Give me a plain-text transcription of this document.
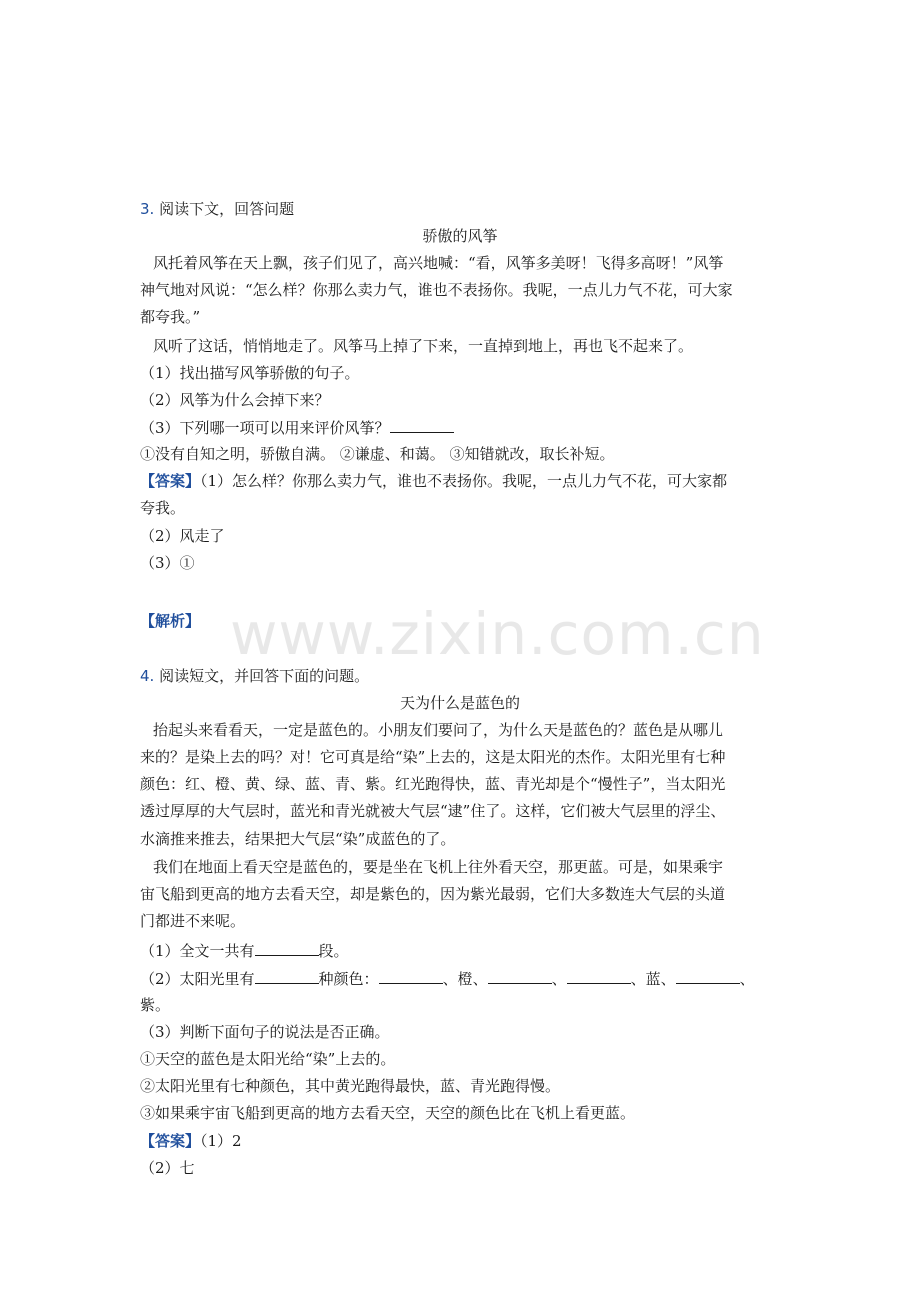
3. 阅读下文，回答问题
骄傲的风筝
风托着风筝在天上飘，孩子们见了，高兴地喊：“看，风筝多美呀！飞得多高呀！”风筝
神气地对风说：“怎么样？你那么卖力气，谁也不表扬你。我呢，一点儿力气不花，可大家
都夸我。”
风听了这话，悄悄地走了。风筝马上掉了下来，一直掉到地上，再也飞不起来了。
（1）找出描写风筝骄傲的句子。
（2）风筝为什么会掉下来？
（3）下列哪一项可以用来评价风筝？
①没有自知之明，骄傲自满。 ②谦虚、和蔼。 ③知错就改，取长补短。
【答案】（1）怎么样？你那么卖力气，谁也不表扬你。我呢，一点儿力气不花，可大家都
夸我。
（2）风走了
（3）①
【解析】 www.zixin.com.cn
4. 阅读短文，并回答下面的问题。
天为什么是蓝色的
抬起头来看看天，一定是蓝色的。小朋友们要问了，为什么天是蓝色的？蓝色是从哪儿
来的？是染上去的吗？对！它可真是给“染”上去的，这是太阳光的杰作。太阳光里有七种
颜色：红、橙、黄、绿、蓝、青、紫。红光跑得快，蓝、青光却是个“慢性子”，当太阳光
透过厚厚的大气层时，蓝光和青光就被大气层“逮”住了。这样，它们被大气层里的浮尘、
水滴推来推去，结果把大气层“染”成蓝色的了。
我们在地面上看天空是蓝色的，要是坐在飞机上往外看天空，那更蓝。可是，如果乘宇
宙飞船到更高的地方去看天空，却是紫色的，因为紫光最弱，它们大多数连大气层的头道
门都进不来呢。
（1）全文一共有	段。
（2）太阳光里有	种颜色：	、橙、	、	、蓝、	、
紫。
（3）判断下面句子的说法是否正确。
①天空的蓝色是太阳光给“染”上去的。
②太阳光里有七种颜色，其中黄光跑得最快，蓝、青光跑得慢。
③如果乘宇宙飞船到更高的地方去看天空，天空的颜色比在飞机上看更蓝。
【答案】（1）2
（2）七
